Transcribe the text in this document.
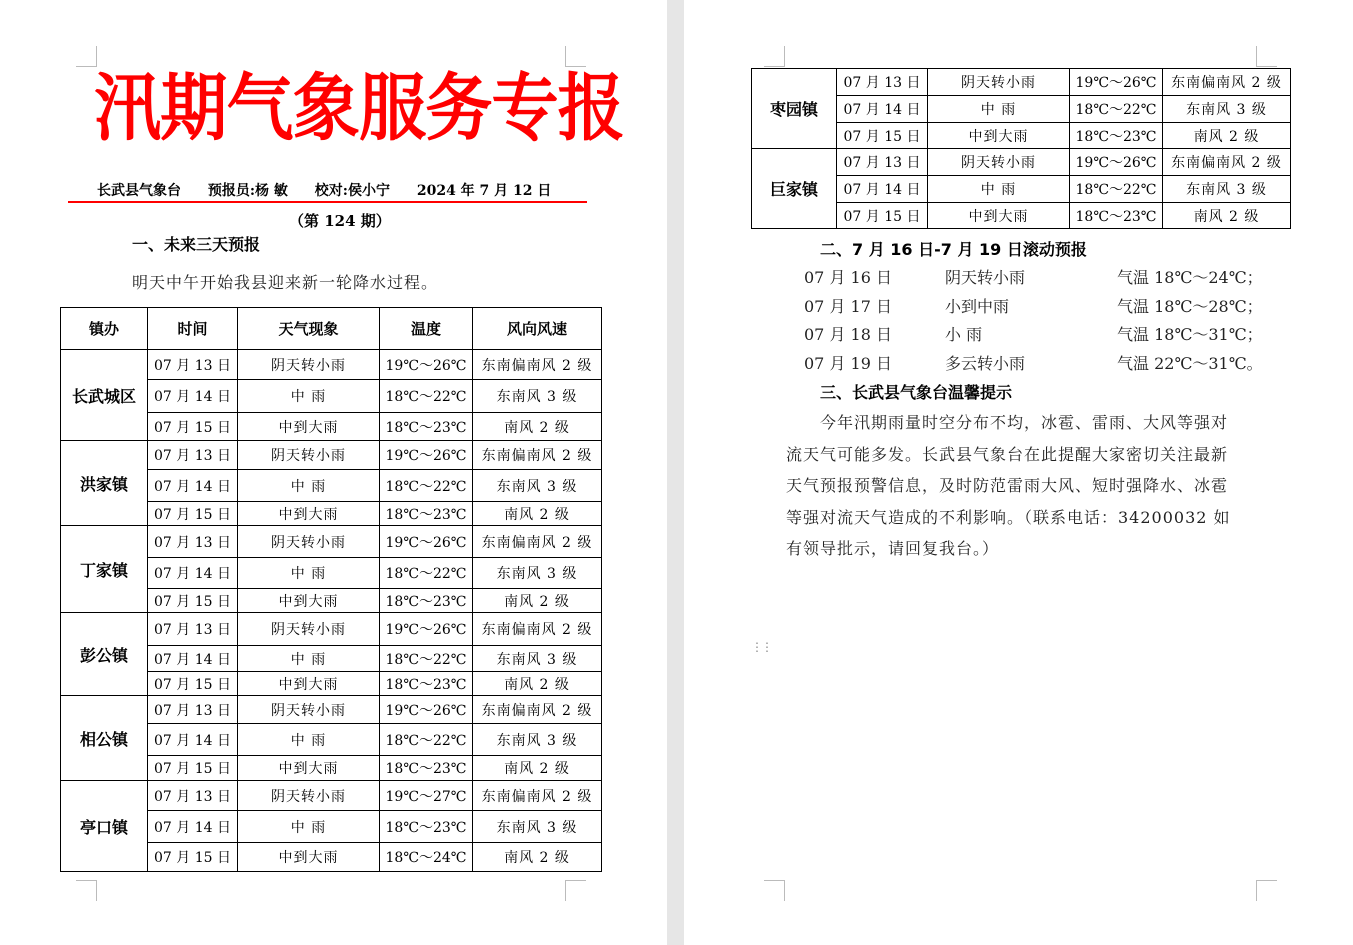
汛期气象服务专报
长武县气象台 预报员:杨 敏 校对:侯小宁 2024 年 7 月 12 日
（第 124 期）
一、未来三天预报
明天中午开始我县迎来新一轮降水过程。
镇办	时间	天气现象	温度	风向风速
长武城区	07 月 13 日	阴天转小雨	19℃～26℃	东南偏南风 2 级
	07 月 14 日	中 雨	18℃～22℃	东南风 3 级
	07 月 15 日	中到大雨	18℃～23℃	南风 2 级
洪家镇	07 月 13 日	阴天转小雨	19℃～26℃	东南偏南风 2 级
	07 月 14 日	中 雨	18℃～22℃	东南风 3 级
	07 月 15 日	中到大雨	18℃～23℃	南风 2 级
丁家镇	07 月 13 日	阴天转小雨	19℃～26℃	东南偏南风 2 级
	07 月 14 日	中 雨	18℃～22℃	东南风 3 级
	07 月 15 日	中到大雨	18℃～23℃	南风 2 级
彭公镇	07 月 13 日	阴天转小雨	19℃～26℃	东南偏南风 2 级
	07 月 14 日	中 雨	18℃～22℃	东南风 3 级
	07 月 15 日	中到大雨	18℃～23℃	南风 2 级
相公镇	07 月 13 日	阴天转小雨	19℃～26℃	东南偏南风 2 级
	07 月 14 日	中 雨	18℃～22℃	东南风 3 级
	07 月 15 日	中到大雨	18℃～23℃	南风 2 级
亭口镇	07 月 13 日	阴天转小雨	19℃～27℃	东南偏南风 2 级
	07 月 14 日	中 雨	18℃～23℃	东南风 3 级
	07 月 15 日	中到大雨	18℃～24℃	南风 2 级
枣园镇	07 月 13 日	阴天转小雨	19℃～26℃	东南偏南风 2 级
	07 月 14 日	中 雨	18℃～22℃	东南风 3 级
	07 月 15 日	中到大雨	18℃～23℃	南风 2 级
巨家镇	07 月 13 日	阴天转小雨	19℃～26℃	东南偏南风 2 级
	07 月 14 日	中 雨	18℃～22℃	东南风 3 级
	07 月 15 日	中到大雨	18℃～23℃	南风 2 级
二、7 月 16 日-7 月 19 日滚动预报
07 月 16 日	阴天转小雨	气温 18℃～24℃；
07 月 17 日	小到中雨	气温 18℃～28℃；
07 月 18 日	小 雨	气温 18℃～31℃；
07 月 19 日	多云转小雨	气温 22℃～31℃。
三、长武县气象台温馨提示
今年汛期雨量时空分布不均，冰雹、雷雨、大风等强对
流天气可能多发。长武县气象台在此提醒大家密切关注最新
天气预报预警信息，及时防范雷雨大风、短时强降水、冰雹
等强对流天气造成的不利影响。（联系电话：34200032 如
有领导批示，请回复我台。）
⋮⋮
